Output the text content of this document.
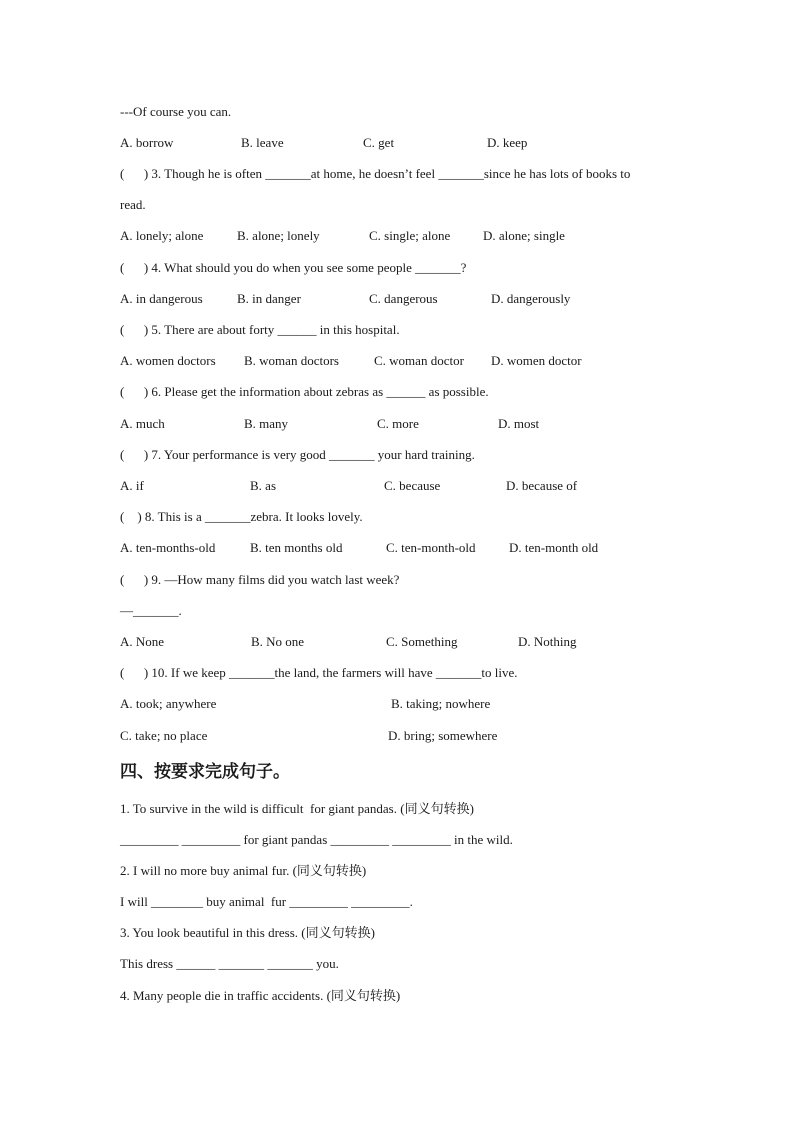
---Of course you can.
A. borrow	B. leave	C. get	D. keep
(      ) 3. Though he is often _______at home, he doesn’t feel _______since he has lots of books to
read.
A. lonely; alone	B. alone; lonely	C. single; alone	D. alone; single
(      ) 4. What should you do when you see some people _______?
A. in dangerous	B. in danger	C. dangerous	D. dangerously
(      ) 5. There are about forty ______ in this hospital.
A. women doctors B. woman doctors	C. woman doctor D. women doctor
(      ) 6. Please get the information about zebras as ______ as possible.
A. much	B. many	C. more	D. most
(      ) 7. Your performance is very good _______ your hard training.
A. if	B. as	C. because	D. because of
(    ) 8. This is a _______zebra. It looks lovely.
A. ten-months-old	B. ten months old	C. ten-month-old	D. ten-month old
(      ) 9. —How many films did you watch last week?
—_______.
A. None	B. No one	C. Something	D. Nothing
(      ) 10. If we keep _______the land, the farmers will have _______to live.
A. took; anywhere	B. taking; nowhere
C. take; no place	D. bring; somewhere
四、按要求完成句子。
1. To survive in the wild is difficult  for giant pandas. (同义句转换)
_________ _________ for giant pandas _________ _________ in the wild.
2. I will no more buy animal fur. (同义句转换)
I will ________ buy animal  fur _________ _________.
3. You look beautiful in this dress. (同义句转换)
This dress ______ _______ _______ you.
4. Many people die in traffic accidents. (同义句转换)
